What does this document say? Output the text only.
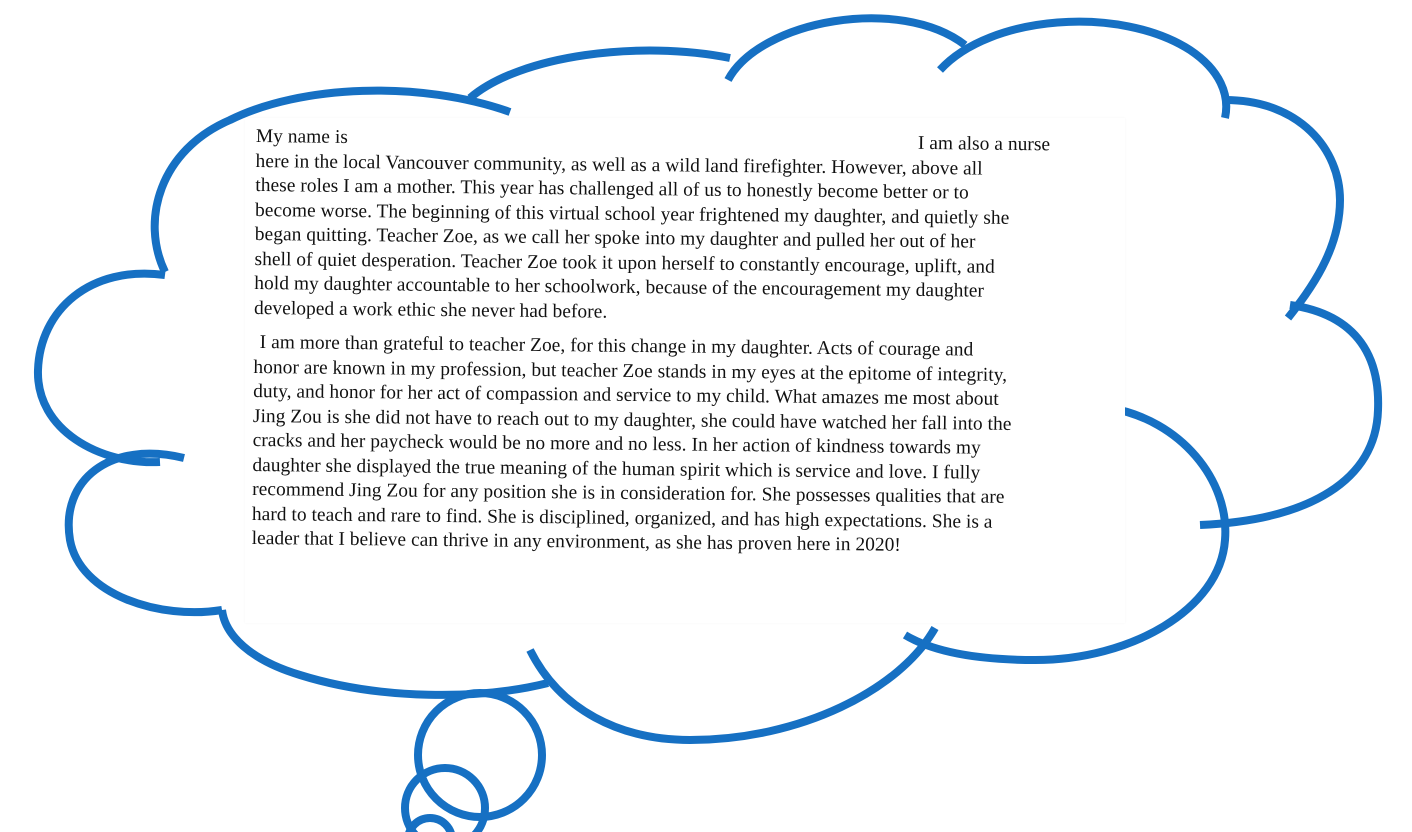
My name is	I am also a nurse
here in the local Vancouver community, as well as a wild land firefighter. However, above all
these roles I am a mother. This year has challenged all of us to honestly become better or to
become worse. The beginning of this virtual school year frightened my daughter, and quietly she
began quitting. Teacher Zoe, as we call her spoke into my daughter and pulled her out of her
shell of quiet desperation. Teacher Zoe took it upon herself to constantly encourage, uplift, and
hold my daughter accountable to her schoolwork, because of the encouragement my daughter
developed a work ethic she never had before.
I am more than grateful to teacher Zoe, for this change in my daughter. Acts of courage and
honor are known in my profession, but teacher Zoe stands in my eyes at the epitome of integrity,
duty, and honor for her act of compassion and service to my child. What amazes me most about
Jing Zou is she did not have to reach out to my daughter, she could have watched her fall into the
cracks and her paycheck would be no more and no less. In her action of kindness towards my
daughter she displayed the true meaning of the human spirit which is service and love. I fully
recommend Jing Zou for any position she is in consideration for. She possesses qualities that are
hard to teach and rare to find. She is disciplined, organized, and has high expectations. She is a
leader that I believe can thrive in any environment, as she has proven here in 2020!
